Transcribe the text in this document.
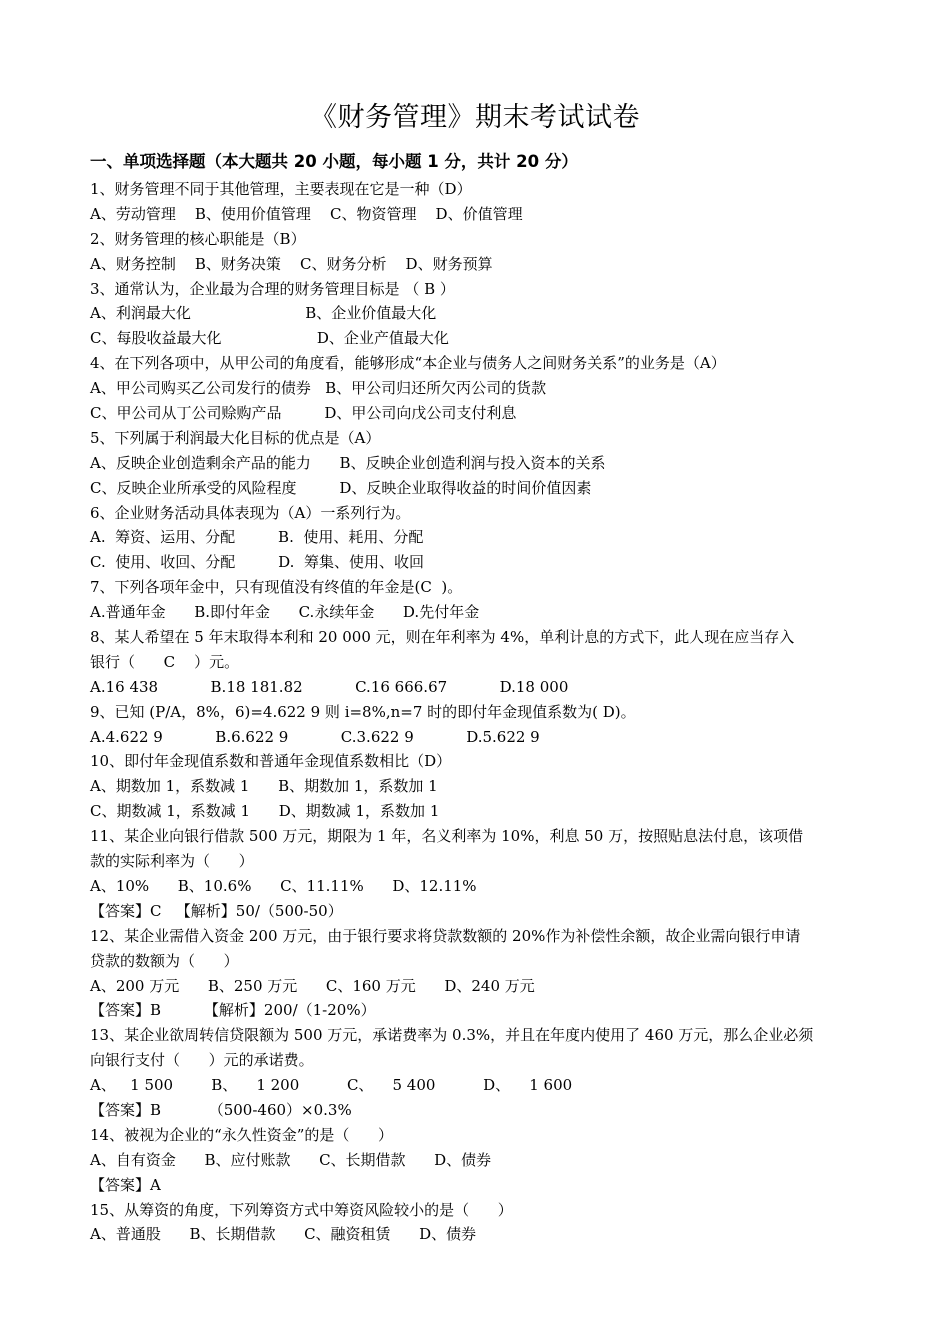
《财务管理》期末考试试卷
一、单项选择题（本大题共 20 小题，每小题 1 分，共计 20 分）
1、财务管理不同于其他管理，主要表现在它是一种（D）
A、劳动管理    B、使用价值管理    C、物资管理    D、价值管理
2、财务管理的核心职能是（B）
A、财务控制    B、财务决策    C、财务分析    D、财务预算
3、通常认为，企业最为合理的财务管理目标是 （ B ）
A、利润最大化                        B、企业价值最大化
C、每股收益最大化                    D、企业产值最大化
4、在下列各项中，从甲公司的角度看，能够形成“本企业与债务人之间财务关系”的业务是（A）
A、甲公司购买乙公司发行的债券   B、甲公司归还所欠丙公司的货款
C、甲公司从丁公司赊购产品         D、甲公司向戊公司支付利息
5、下列属于利润最大化目标的优点是（A）
A、反映企业创造剩余产品的能力      B、反映企业创造利润与投入资本的关系
C、反映企业所承受的风险程度         D、反映企业取得收益的时间价值因素
6、企业财务活动具体表现为（A）一系列行为。
A.  筹资、运用、分配         B.  使用、耗用、分配
C.  使用、收回、分配         D.  筹集、使用、收回
7、下列各项年金中，只有现值没有终值的年金是(C  )。
A.普通年金      B.即付年金      C.永续年金      D.先付年金
8、某人希望在 5 年末取得本利和 20 000 元，则在年利率为 4%，单利计息的方式下，此人现在应当存入
银行（      C    ）元。
A.16 438           B.18 181.82           C.16 666.67           D.18 000
9、已知 (P/A，8%，6)=4.622 9 则 i=8%,n=7 时的即付年金现值系数为( D)。
A.4.622 9           B.6.622 9           C.3.622 9           D.5.622 9
10、即付年金现值系数和普通年金现值系数相比（D）
A、期数加 1，系数减 1      B、期数加 1，系数加 1
C、期数减 1，系数减 1      D、期数减 1，系数加 1
11、某企业向银行借款 500 万元，期限为 1 年，名义利率为 10%，利息 50 万，按照贴息法付息，该项借
款的实际利率为（      ）
A、10%      B、10.6%      C、11.11%      D、12.11%
【答案】C   【解析】50/（500-50）
12、某企业需借入资金 200 万元，由于银行要求将贷款数额的 20%作为补偿性余额，故企业需向银行申请
贷款的数额为（      ）
A、200 万元      B、250 万元      C、160 万元      D、240 万元
【答案】B         【解析】200/（1-20%）
13、某企业欲周转信贷限额为 500 万元，承诺费率为 0.3%，并且在年度内使用了 460 万元，那么企业必须
向银行支付（      ）元的承诺费。
A、   1 500        B、    1 200          C、    5 400          D、    1 600
【答案】B          （500-460）×0.3%
14、被视为企业的“永久性资金”的是（      ）
A、自有资金      B、应付账款      C、长期借款      D、债券
【答案】A
15、从筹资的角度，下列筹资方式中筹资风险较小的是（      ）
A、普通股      B、长期借款      C、融资租赁      D、债券
